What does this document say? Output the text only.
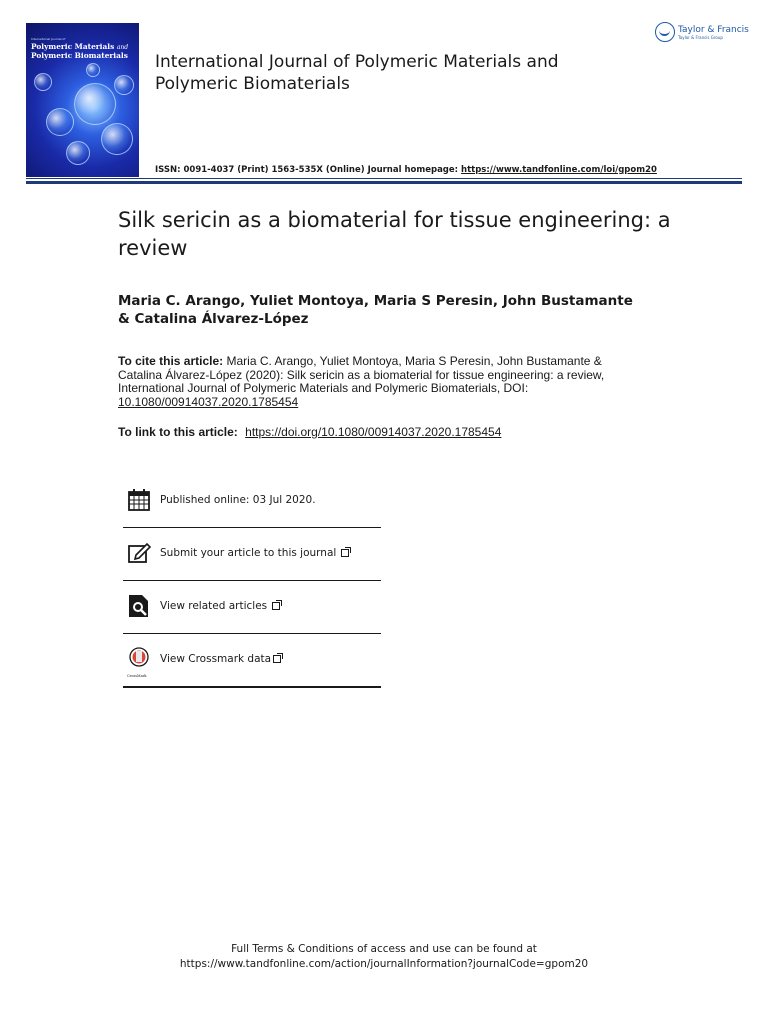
International Journal of
Polymeric Materials and
Polymeric Biomaterials	International Journal of Polymeric Materials and Polymeric Biomaterials
ISSN: 0091-4037 (Print) 1563-535X (Online) Journal homepage: https://www.tandfonline.com/loi/gpom20
Taylor & Francis
Taylor & Francis Group
Silk sericin as a biomaterial for tissue engineering: a review
Maria C. Arango, Yuliet Montoya, Maria S Peresin, John Bustamante & Catalina Álvarez-López
To cite this article: Maria C. Arango, Yuliet Montoya, Maria S Peresin, John Bustamante & Catalina Álvarez-López (2020): Silk sericin as a biomaterial for tissue engineering: a review, International Journal of Polymeric Materials and Polymeric Biomaterials, DOI: 10.1080/00914037.2020.1785454
To link to this article: https://doi.org/10.1080/00914037.2020.1785454
Published online: 03 Jul 2020.
Submit your article to this journal
View related articles
CrossMark
View Crossmark data
Full Terms & Conditions of access and use can be found at
https://www.tandfonline.com/action/journalInformation?journalCode=gpom20
